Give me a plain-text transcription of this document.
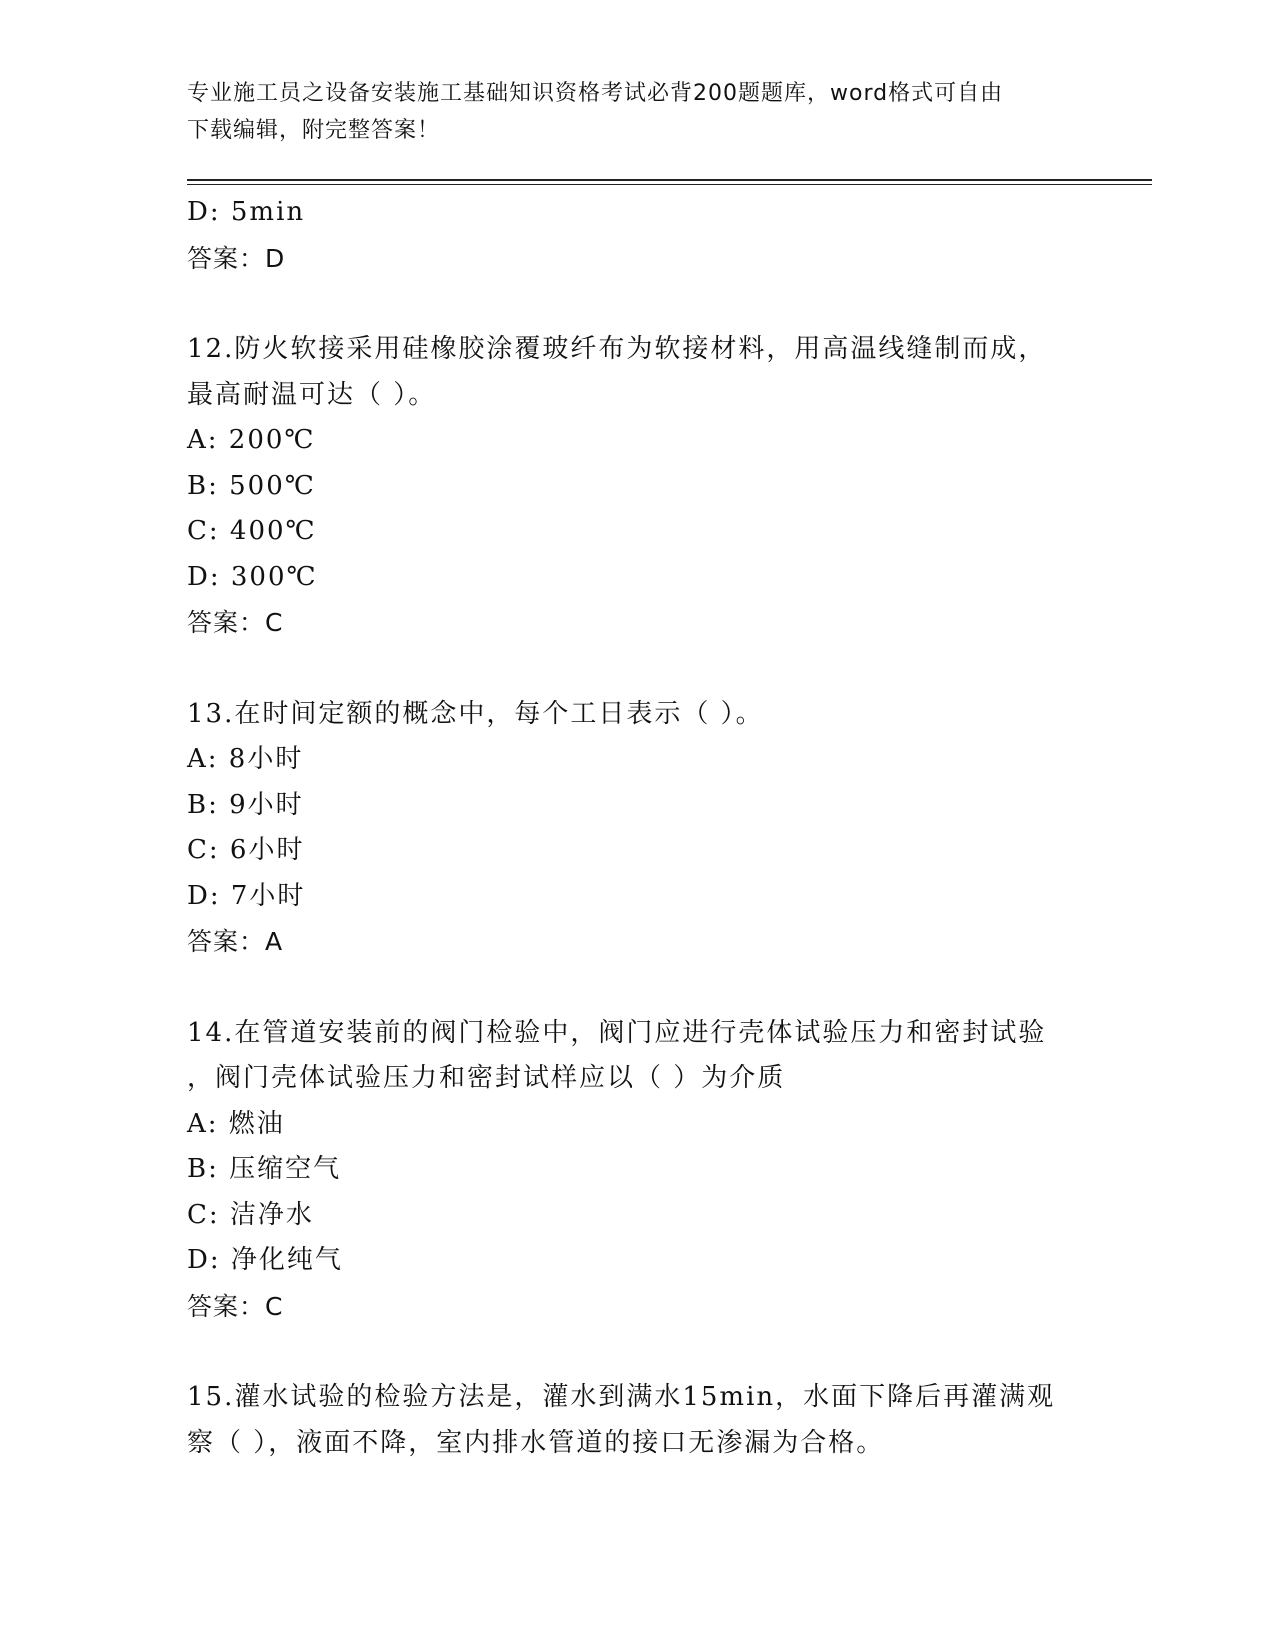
专业施工员之设备安装施工基础知识资格考试必背200题题库，word格式可自由
下载编辑，附完整答案！
D: 5min
答案：D
12.防火软接采用硅橡胶涂覆玻纤布为软接材料，用高温线缝制而成，
最高耐温可达（ ）。
A: 200℃
B: 500℃
C: 400℃
D: 300℃
答案：C
13.在时间定额的概念中，每个工日表示（ ）。
A: 8小时
B: 9小时
C: 6小时
D: 7小时
答案：A
14.在管道安装前的阀门检验中，阀门应进行壳体试验压力和密封试验
，阀门壳体试验压力和密封试样应以（ ）为介质
A: 燃油
B: 压缩空气
C: 洁净水
D: 净化纯气
答案：C
15.灌水试验的检验方法是，灌水到满水15min，水面下降后再灌满观
察（ ），液面不降，室内排水管道的接口无渗漏为合格。
